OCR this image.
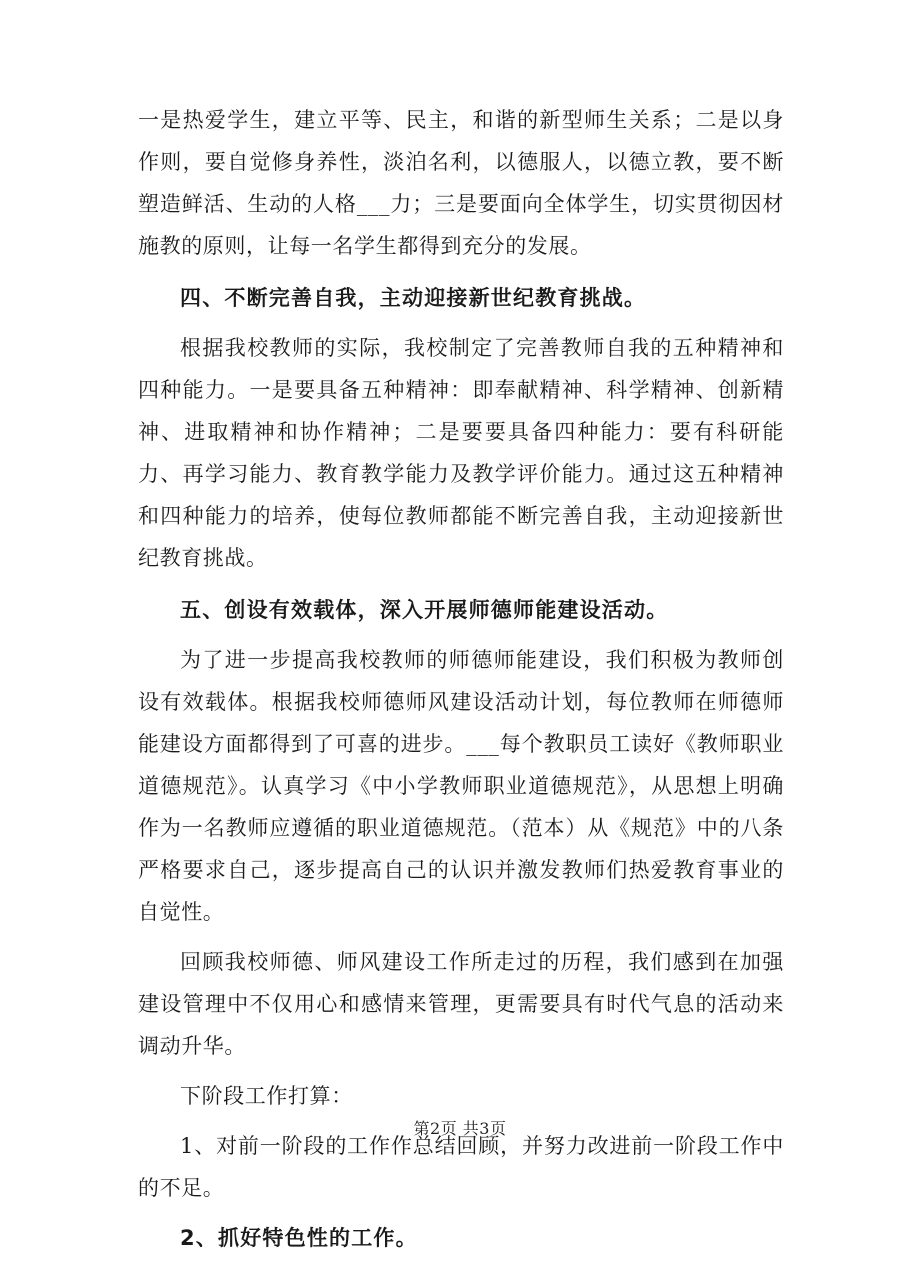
一是热爱学生，建立平等、民主，和谐的新型师生关系；二是以身作则，要自觉修身养性，淡泊名利，以德服人，以德立教，要不断塑造鲜活、生动的人格___力；三是要面向全体学生，切实贯彻因材施教的原则，让每一名学生都得到充分的发展。

四、不断完善自我，主动迎接新世纪教育挑战。

根据我校教师的实际，我校制定了完善教师自我的五种精神和四种能力。一是要具备五种精神：即奉献精神、科学精神、创新精神、进取精神和协作精神；二是要要具备四种能力：要有科研能力、再学习能力、教育教学能力及教学评价能力。通过这五种精神和四种能力的培养，使每位教师都能不断完善自我，主动迎接新世纪教育挑战。

五、创设有效载体，深入开展师德师能建设活动。

为了进一步提高我校教师的师德师能建设，我们积极为教师创设有效载体。根据我校师德师风建设活动计划，每位教师在师德师能建设方面都得到了可喜的进步。___每个教职员工读好《教师职业道德规范》。认真学习《中小学教师职业道德规范》，从思想上明确作为一名教师应遵循的职业道德规范。（范本）从《规范》中的八条严格要求自己，逐步提高自己的认识并激发教师们热爱教育事业的自觉性。

回顾我校师德、师风建设工作所走过的历程，我们感到在加强建设管理中不仅用心和感情来管理，更需要具有时代气息的活动来调动升华。

下阶段工作打算：

1、对前一阶段的工作作总结回顾，并努力改进前一阶段工作中的不足。

2、抓好特色性的工作。

第2页 共3页
